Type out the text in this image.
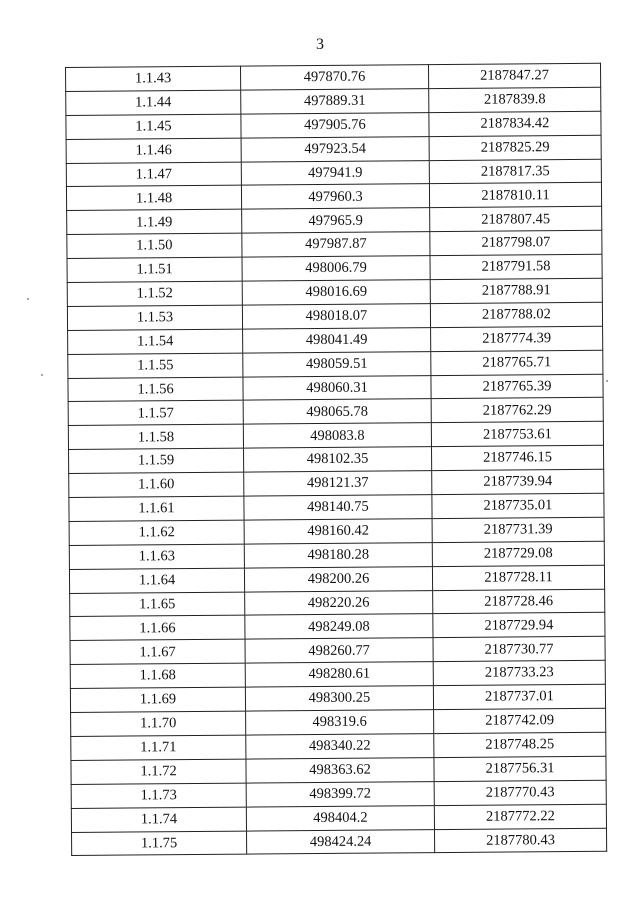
3
1.1.43	497870.76	2187847.27
1.1.44	497889.31	2187839.8
1.1.45	497905.76	2187834.42
1.1.46	497923.54	2187825.29
1.1.47	497941.9	2187817.35
1.1.48	497960.3	2187810.11
1.1.49	497965.9	2187807.45
1.1.50	497987.87	2187798.07
1.1.51	498006.79	2187791.58
1.1.52	498016.69	2187788.91
1.1.53	498018.07	2187788.02
1.1.54	498041.49	2187774.39
1.1.55	498059.51	2187765.71
1.1.56	498060.31	2187765.39
1.1.57	498065.78	2187762.29
1.1.58	498083.8	2187753.61
1.1.59	498102.35	2187746.15
1.1.60	498121.37	2187739.94
1.1.61	498140.75	2187735.01
1.1.62	498160.42	2187731.39
1.1.63	498180.28	2187729.08
1.1.64	498200.26	2187728.11
1.1.65	498220.26	2187728.46
1.1.66	498249.08	2187729.94
1.1.67	498260.77	2187730.77
1.1.68	498280.61	2187733.23
1.1.69	498300.25	2187737.01
1.1.70	498319.6	2187742.09
1.1.71	498340.22	2187748.25
1.1.72	498363.62	2187756.31
1.1.73	498399.72	2187770.43
1.1.74	498404.2	2187772.22
1.1.75	498424.24	2187780.43
